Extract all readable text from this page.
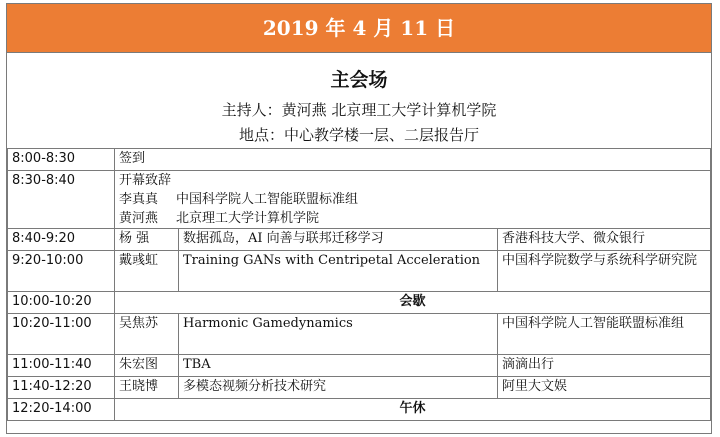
2019 年 4 月 11 日
主会场
主持人：黄河燕 北京理工大学计算机学院
地点：中心教学楼一层、二层报告厅
8:00-8:30	签到		
8:30-8:40	开幕致辞
李真真 中国科学院人工智能联盟标准组
黄河燕 北京理工大学计算机学院		

8:40-9:20	杨 强	数据孤岛，AI 向善与联邦迁移学习	香港科技大学、微众银行
9:20-10:00	戴彧虹	Training GANs with Centripetal Acceleration	中国科学院数学与系统科学研究院
10:00-10:20	会歇		
10:20-11:00	吴焦苏	Harmonic Gamedynamics	中国科学院人工智能联盟标准组
11:00-11:40	朱宏图	TBA	滴滴出行
11:40-12:20	王晓博	多模态视频分析技术研究	阿里大文娱
12:20-14:00	午休		
